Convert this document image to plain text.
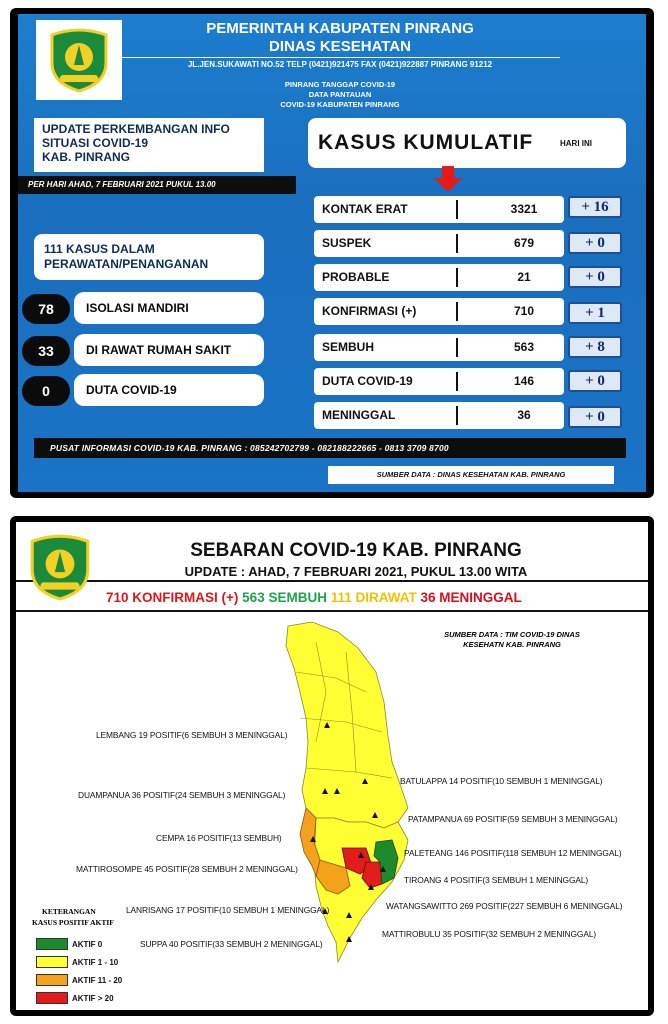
PEMERINTAH KABUPATEN PINRANG
DINAS KESEHATAN
JL.JEN.SUKAWATI NO.52 TELP (0421)921475 FAX (0421)922887 PINRANG 91212
PINRANG TANGGAP COVID-19
DATA PANTAUAN
COVID-19 KABUPATEN PINRANG
UPDATE PERKEMBANGAN INFO
SITUASI COVID-19
KAB. PINRANG
PER HARI AHAD, 7 FEBRUARI 2021 PUKUL 13.00
111 KASUS DALAM
PERAWATAN/PENANGANAN
78	ISOLASI MANDIRI
33	DI RAWAT RUMAH SAKIT
0	DUTA COVID-19
KASUS KUMULATIF	HARI INI
KONTAK ERAT	3321	+ 16
SUSPEK	679	+ 0
PROBABLE	21	+ 0
KONFIRMASI (+)	710	+ 1
SEMBUH	563	+ 8
DUTA COVID-19	146	+ 0
MENINGGAL	36	+ 0
PUSAT INFORMASI COVID-19 KAB. PINRANG : 085242702799 - 082188222665 - 0813 3709 8700
SUMBER DATA : DINAS KESEHATAN KAB. PINRANG
SEBARAN COVID-19 KAB. PINRANG
UPDATE : AHAD, 7 FEBRUARI 2021, PUKUL 13.00 WITA
710 KONFIRMASI (+) 563 SEMBUH 111 DIRAWAT 36 MENINGGAL
SUMBER DATA : TIM COVID-19 DINAS
KESEHATN KAB. PINRANG
LEMBANG 19 POSITIF(6 SEMBUH 3 MENINGGAL)
DUAMPANUA 36 POSITIF(24 SEMBUH 3 MENINGGAL)
CEMPA 16 POSITIF(13 SEMBUH)
MATTIROSOMPE 45 POSITIF(28 SEMBUH 2 MENINGGAL)
LANRISANG 17 POSITIF(10 SEMBUH 1 MENINGGAL)
SUPPA 40 POSITIF(33 SEMBUH 2 MENINGGAL)
BATULAPPA 14 POSITIF(10 SEMBUH 1 MENINGGAL)
PATAMPANUA 69 POSITIF(59 SEMBUH 3 MENINGGAL)
PALETEANG 146 POSITIF(118 SEMBUH 12 MENINGGAL)
TIROANG 4 POSITIF(3 SEMBUH 1 MENINGGAL)
WATANGSAWITTO 269 POSITIF(227 SEMBUH 6 MENINGGAL)
MATTIROBULU 35 POSITIF(32 SEMBUH 2 MENINGGAL)
KETERANGAN
KASUS POSITIF AKTIF
AKTIF 0
AKTIF 1 - 10
AKTIF 11 - 20
AKTIF > 20
